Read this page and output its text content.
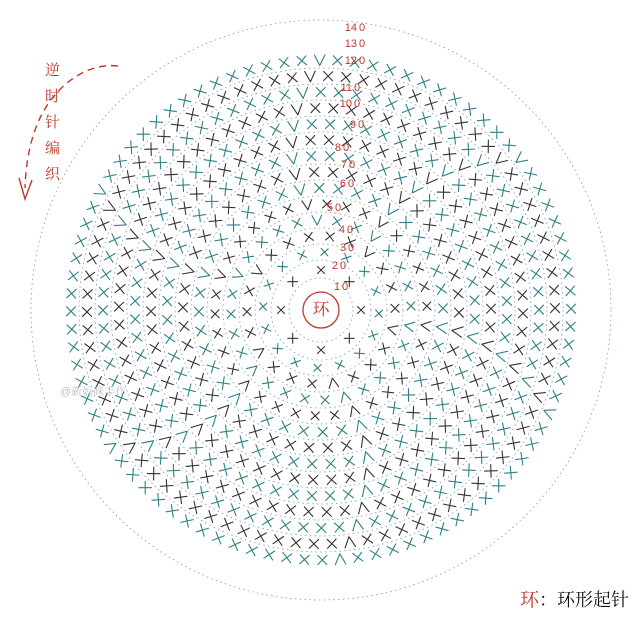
逆
时
针
编
织
环
@新妈咪手作
环：环形起针
1 0
2 0
3 0
4 0
5 0
6 0
7 0
8 0
9 0
10 0
11 0
12 0
13 0
14 0
